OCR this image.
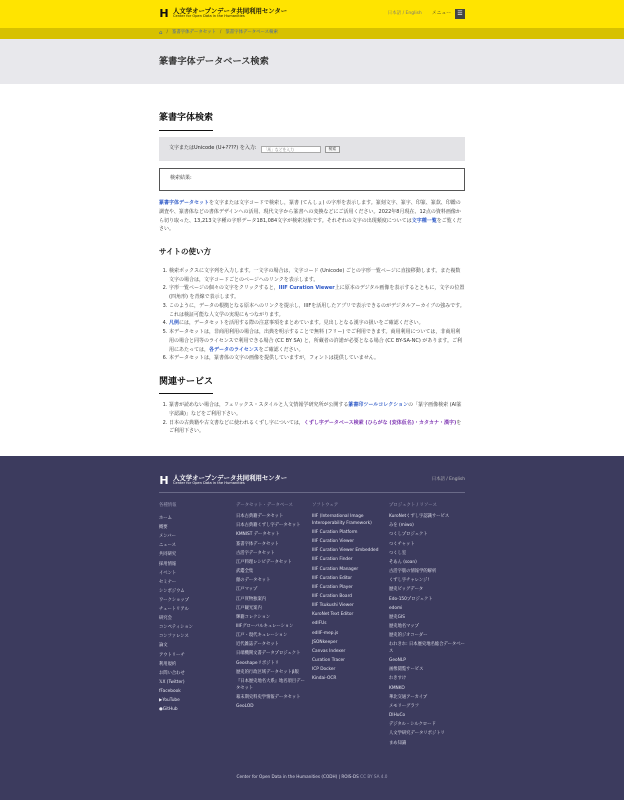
H 人文学オープンデータ共同利用センター
Center for Open Data in the Humanities	日本語 / English メニュー	☰
⌂ / 篆書字体データセット / 篆書字体データベース検索
篆書字体データベース検索
篆書字体検索
文字またはUnicode (U+????) を入力:
「馬」などを入力	検索
検索結果:

篆書字体データセットを文字または文字コードで検索し，篆書 (てんしょ) の字形を表示します。篆刻文字、篆字、印篆、篆款、印鑑の調査や、篆書体などの書体デザインへの活用、現代文字から篆書への変換などにご活用ください。2022年8月現在、12点の資料画像から切り取った、13,213文字種の字形データ181,084文字が検索対象です。それぞれの文字の出現頻度については文字種一覧をご覧ください。

サイトの使い方
1. 検索ボックスに文字列を入力します。一文字の場合は，文字コード (Unicode) ごとの字形一覧ページに直接移動します。また複数文字の場合は，文字コードごとのページへのリンクを表示します。
2. 字形一覧ページの個々の文字をクリックすると，IIIF Curation Viewer上に原本のデジタル画像を表示するとともに，文字の位置 (四角形) を青線で表示します。
3. このように，データの根拠となる原本へのリンクを提示し，IIIFを活用したアプリで表示できるのがデジタルアーカイブの強みです。これは検証可能な人文学の実現にもつながります。
4. 凡例には，データセットを活用する際の注意事項をまとめています。見出しとなる漢字の扱いをご確認ください。
5. 本データセットは，非商用利用の場合は，出典を明示することで無料 (フリー) でご利用できます。商用利用については，非商用利用の場合と同等のライセンスで利用できる場合 (CC BY SA) と，所蔵者の許諾が必要となる場合 (CC BY-SA-NC) があります。ご利用にあたっては，各データのライセンスをご確認ください。
6. 本データセットは，篆書体の文字の画像を提供していますが，フォントは提供していません。
関連サービス
1. 篆書が読めない場合は，フェリックス・スタイルと人文情報学研究所が公開する篆書印ツールコレクションの「篆字画像検索 (AI篆字認識)」などをご利用下さい。
2. 日本の古典籍や古文書などに使われるくずし字については，くずし字データベース検索 (ひらがな (変体仮名)・カタカナ・漢字)をご利用下さい。
H 人文学オープンデータ共同利用センター
Center for Open Data in the Humanities
日本語 / English
各種情報
ホーム
概要
メンバー
ニュース
共同研究
採用情報
イベント
セミナー
シンポジウム
ワークショップ
チュートリアル
研究会
コンペティション
コンファレンス
論文
アウトリーチ
利用規約
お問い合わせ
𝕏X (Twitter)
fFacebook
▶YouTube
●GitHub
データセット・データベース
日本古典籍データセット
日本古典籍くずし字データセット
KMNIST データセット
篆書字体データセット
古活字データセット
江戸料理レシピデータセット
武鑑全集
顔のデータセット
江戸マップ
江戸買物独案内
江戸観光案内
輝籍コレクション
IIIFグローバルキュレーション
江戸・現代キュレーション
近代雑誌データセット
日端機関文書データプロジェクト
Geoshapeリポジトリ
歴史的行政区域データセットβ版
『日本歴史地名大系』地名項目データセット
幕末期史料史学情報データセット
GeoLOD
ソフトウェア
IIIF (International Image Interoperability Framework)
IIIF Curation Platform
IIIF Curation Viewer
IIIF Curation Viewer Embedded
IIIF Curation Finder
IIIF Curation Manager
IIIF Curation Editor
IIIF Curation Player
IIIF Curation Board
IIIF Tsukushi Viewer
KuroNet Text Editor
edIFUs
edIIF-mep.js
JSONkeeper
Canvas Indexer
Curation Tracer
ICP Docker
Kindai-OCR
プロジェクト / リソース
KuroNetくずし字認識サービス
みを (miwo)
つくしプロジェクト
つくチャット
つくし室
そあん (soan)
古活字版の情報学的解析
くずし字チャレンジ!
歴史ビッグデータ
Edo-150プロジェクト
edomi
歴史GIS
歴史地名マップ
歴史的ジオコーダー
われきれ: 日本歴史地名総合データベース
GeoNLP
画像閲覧サービス
れきすけ
KMNKO
華北交通アーカイブ
メモリーグラフ
DIHuCo
デジタル・シルクロード
人文学研究データリポジトリ
まめ知識
Center for Open Data in the Humanities (CODH) | ROIS-DS CC BY SA 4.0
